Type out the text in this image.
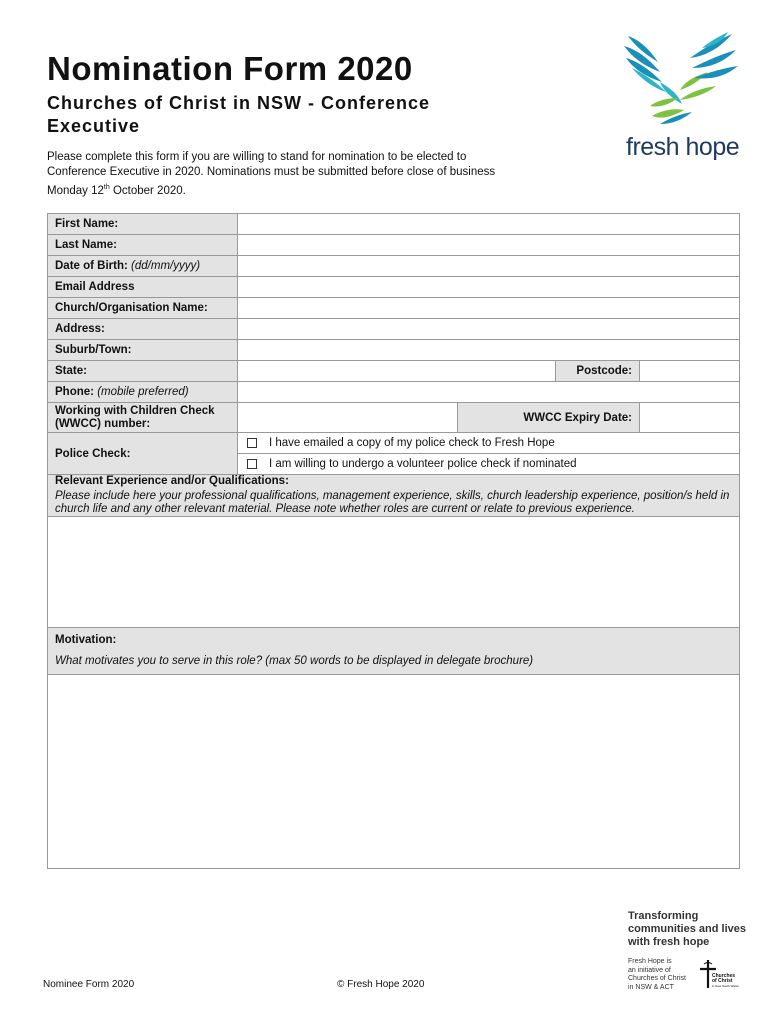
Nomination Form 2020
Churches of Christ in NSW - Conference Executive

Please complete this form if you are willing to stand for nomination to be elected to
Conference Executive in 2020. Nominations must be submitted before close of business
Monday 12th October 2020.

fresh hope
First Name:				
Last Name:				
Date of Birth: (dd/mm/yyyy)				
Email Address				
Church/Organisation Name:				
Address:				
Suburb/Town:				
State:			Postcode:	
Phone: (mobile preferred)				
Working with Children Check (WWCC) number:		WWCC Expiry Date:		
Police Check:	I have emailed a copy of my police check to Fresh Hope			
	I am willing to undergo a volunteer police check if nominated			

Relevant Experience and/or Qualifications:

Please include here your professional qualifications, management experience, skills, church leadership experience, position/s held in church life and any other relevant material. Please note whether roles are current or relate to previous experience.				

Motivation:

What motivates you to serve in this role? (max 50 words to be displayed in delegate brochure)				

Transforming
communities and lives
with fresh hope
Fresh Hope is
an initiative of
Churches of Christ
in NSW & ACT
Churches
of Christ
in New South Wales
Nominee Form 2020	© Fresh Hope 2020
